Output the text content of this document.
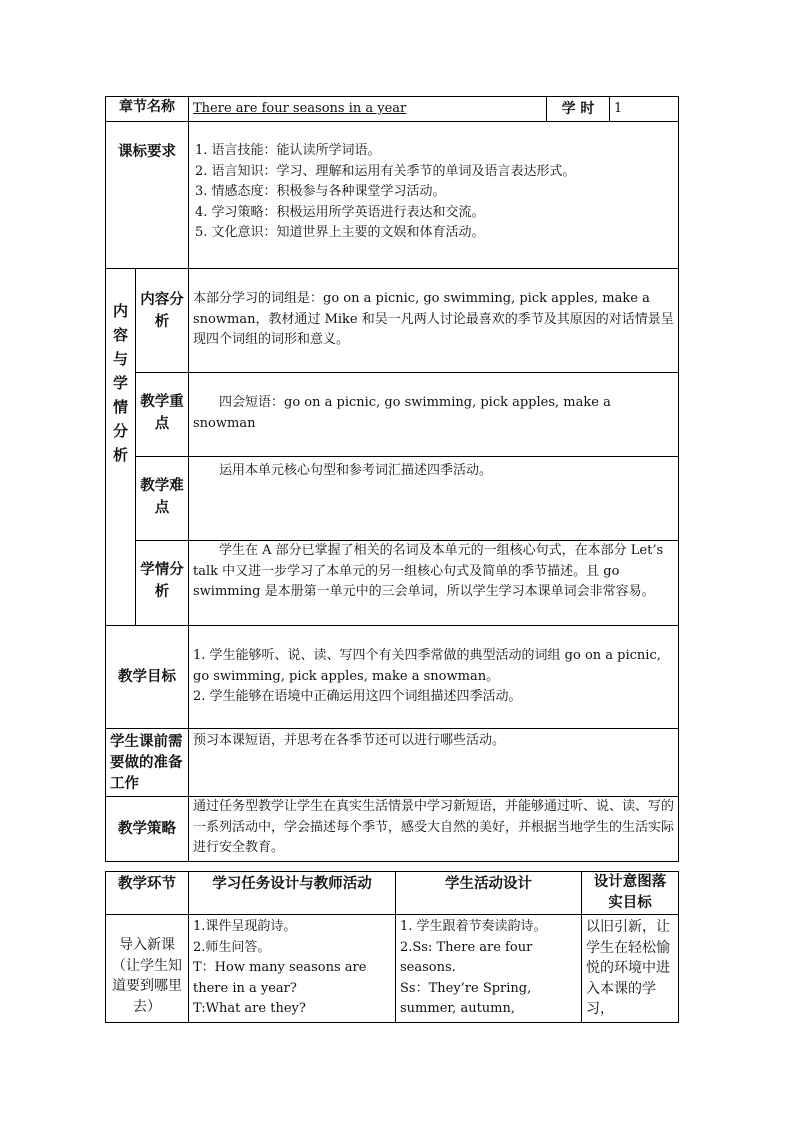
章节名称		There are four seasons in a year	学 时	1
课标要求		1. 语言技能：能认读所学词语。
2. 语言知识：学习、理解和运用有关季节的单词及语言表达形式。
3. 情感态度：积极参与各种课堂学习活动。
4. 学习策略：积极运用所学英语进行表达和交流。
5. 文化意识：知道世界上主要的文娱和体育活动。		

内容与学情分析	内容分析	本部分学习的词组是：go on a picnic, go swimming, pick apples, make a snowman，教材通过 Mike 和吴一凡两人讨论最喜欢的季节及其原因的对话情景呈现四个词组的词形和意义。		
	教学重点	四会短语：go on a picnic, go swimming, pick apples, make a snowman		
	教学难点	运用本单元核心句型和参考词汇描述四季活动。		
	学情分析	学生在 A 部分已掌握了相关的名词及本单元的一组核心句式，在本部分 Let’s talk 中又进一步学习了本单元的另一组核心句式及简单的季节描述。且 go swimming 是本册第一单元中的三会单词，所以学生学习本课单词会非常容易。		
教学目标		1. 学生能够听、说、读、写四个有关四季常做的典型活动的词组 go on a picnic, go swimming, pick apples, make a snowman。
2. 学生能够在语境中正确运用这四个词组描述四季活动。		

学生课前需要做的准备工作		预习本课短语，并思考在各季节还可以进行哪些活动。		
教学策略		通过任务型教学让学生在真实生活情景中学习新短语，并能够通过听、说、读、写的一系列活动中，学会描述每个季节，感受大自然的美好，并根据当地学生的生活实际进行安全教育。		
教学环节	学习任务设计与教师活动	学生活动设计	设计意图落实目标
导入新课（让学生知道要到哪里去）	1.课件呈现韵诗。
2.师生问答。
T：How many seasons are there in a year?
T:What are they?	1. 学生跟着节奏读韵诗。
2.Ss: There are four seasons.
Ss：They’re Spring, summer, autumn,	以旧引新，让学生在轻松愉悦的环境中进入本课的学习，
